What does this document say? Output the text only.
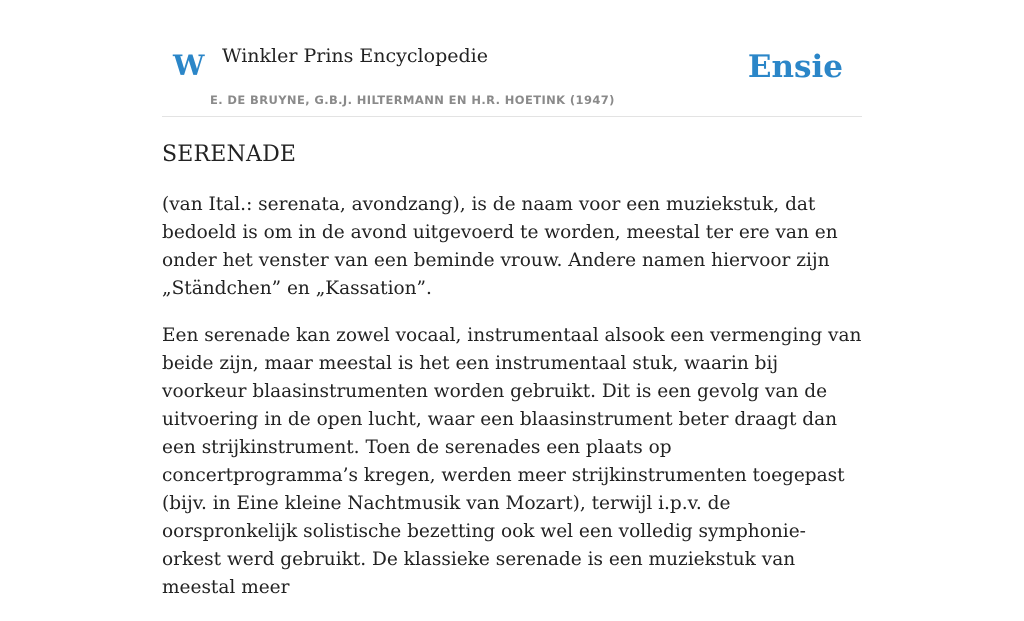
W Winkler Prins Encyclopedie
E. DE BRUYNE, G.B.J. HILTERMANN EN H.R. HOETINK (1947)
Ensie
SERENADE

(van Ital.: serenata, avondzang), is de naam voor een muziekstuk, dat bedoeld is om in de avond uitgevoerd te worden, meestal ter ere van en onder het venster van een beminde vrouw. Andere namen hiervoor zijn „Ständchen” en „Kassation”.

Een serenade kan zowel vocaal, instrumentaal alsook een vermenging van beide zijn, maar meestal is het een instrumentaal stuk, waarin bij voorkeur blaasinstrumenten worden gebruikt. Dit is een gevolg van de uitvoering in de open lucht, waar een blaasinstrument beter draagt dan een strijkinstrument. Toen de serenades een plaats op concertprogramma’s kregen, werden meer strijkinstrumenten toegepast (bijv. in Eine kleine Nachtmusik van Mozart), terwijl i.p.v. de oorspronkelijk solistische bezetting ook wel een volledig symphonie-orkest werd gebruikt. De klassieke serenade is een muziekstuk van meestal meer
